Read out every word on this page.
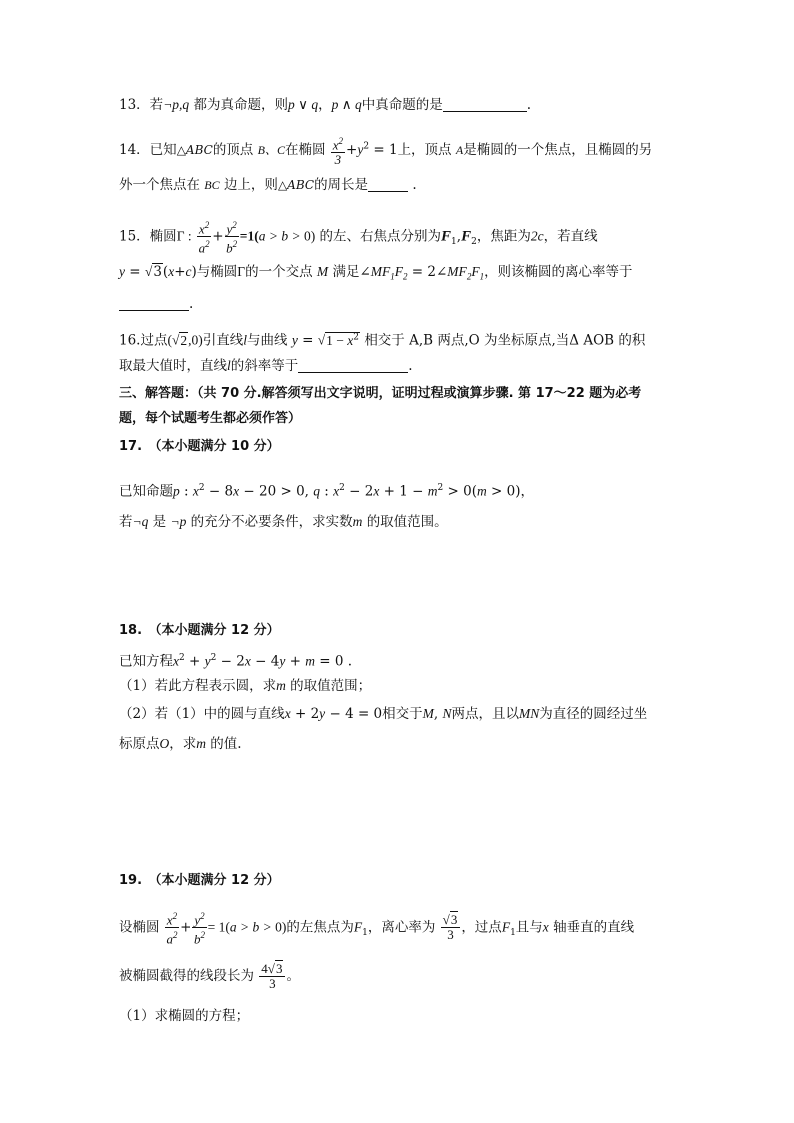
13．若¬p,q 都为真命题，则p ∨ q，p ∧ q中真命题的是	.
14．已知△ABC的顶点 B、C在椭圆 $\frac{x^2}{3} +y^2 = 1$上，顶点 A是椭圆的一个焦点，且椭圆的另
外一个焦点在 BC 边上，则△ABC的周长是	.
15．椭圆Γ : $\frac{x^2}{a^2} + \frac{y^2}{b^2} =1(a > b > 0)$ 的左、右焦点分别为$F_1,F_2$，焦距为2c，若直线
y = √3(x+c)与椭圆Γ的一个交点 M 满足$\angle MF_1F_2$ = $2\angle MF_2F_1$，则该椭圆的离心率等于
.
16.过点(√2,0)引直线l与曲线 $y = √1 - x^2$ 相交于 A,B 两点,O 为坐标原点,当Δ AOB 的积
取最大值时，直线l的斜率等于	.
三、解答题：（共 70 分.解答须写出文字说明，证明过程或演算步骤. 第 17～22 题为必考
题，每个试题考生都必须作答）
17.　（本小题满分 10 分）
已知命题p : $x^2 - 8x - 20 > 0$, q : $x^2 - 2x + 1 - m^2 > 0(m > 0)$，
若¬q 是 ¬p 的充分不必要条件，求实数m 的取值范围。
18.　（本小题满分 12 分）
已知方程$x^2 + y^2 - 2x - 4y + m = 0$ .
（1）若此方程表示圆，求m 的取值范围；
（2）若（1）中的圆与直线x + 2y − 4 = 0相交于M, N两点，且以MN为直径的圆经过坐
标原点O，求m 的值.
19.　（本小题满分 12 分）
设椭圆 $\frac{x^2}{a^2} + \frac{y^2}{b^2} = 1(a > b > 0)$的左焦点为$F_1$，离心率为 $\frac{√3}{3}$ ，过点$F_1$且与x 轴垂直的直线
被椭圆截得的线段长为 $\frac{4√3}{3}$ 。
（1）求椭圆的方程；
